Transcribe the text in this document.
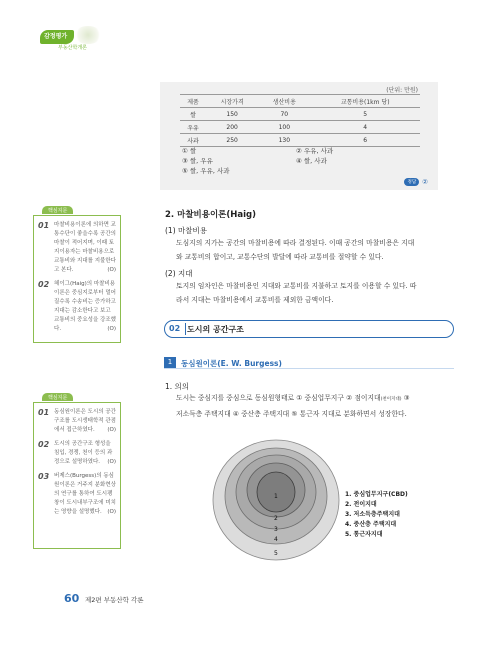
감정평가
부동산학개론
(단위: 만원)
제품	시장가격	생산비용	교통비용(1km 당)
쌀	150	70	5
우유	200	100	4
사과	250	130	6
① 쌀	② 우유, 사과
③ 쌀, 우유	④ 쌀, 사과
⑤ 쌀, 우유, 사과
정답 ②
핵심지문
01 마찰비용이론에 의하면 교통수단이 좋을수록 공간의 마찰이 적어지며, 이때 토지이용자는 마찰비용으로 교통비와 지대를 지불한다고 본다.	(O)
02 헤이그(Haig)의 마찰비용이론은 중심지로부터 멀어질수록 수송비는 증가하고 지대는 감소한다고 보고 교통비의 중요성을 강조했다.	(O)
핵심지문
01 동심원이론은 도시의 공간구조를 도시생태학적 관점에서 접근하였다. (O)
02 도시의 공간구조 형성을 침입, 경쟁, 천이 등의 과정으로 설명하였다. (O)
03 버제스(Burgess)의 동심원이론은 거주지 분화현상의 연구를 통하여 도시팽창이 도시내부구조에 미치는 영향을 설명했다. (O)
2. 마찰비용이론(Haig)
(1) 마찰비용
도심지의 지가는 공간의 마찰비용에 따라 결정된다. 이때 공간의 마찰비용은 지대
와 교통비의 합이고, 교통수단의 발달에 따라 교통비를 절약할 수 있다.
(2) 지대
토지의 임차인은 마찰비용인 지대와 교통비를 지불하고 토지를 이용할 수 있다. 따
라서 지대는 마찰비용에서 교통비를 제외한 금액이다.
02 도시의 공간구조
1	동심원이론(E. W. Burgess)
1. 의의
도시는 중심지를 중심으로 동심원형태로 ① 중심업무지구 ② 점이지대(천이지대) ③
저소득층 주택지대 ④ 중산층 주택지대 ⑤ 통근자 지대로 분화하면서 성장한다.
1
2
3
4
5
1. 중심업무지구(CBD)
2. 전이지대
3. 저소득층주택지대
4. 중산층 주택지대
5. 통근자지대
60 제2편 부동산학 각론
